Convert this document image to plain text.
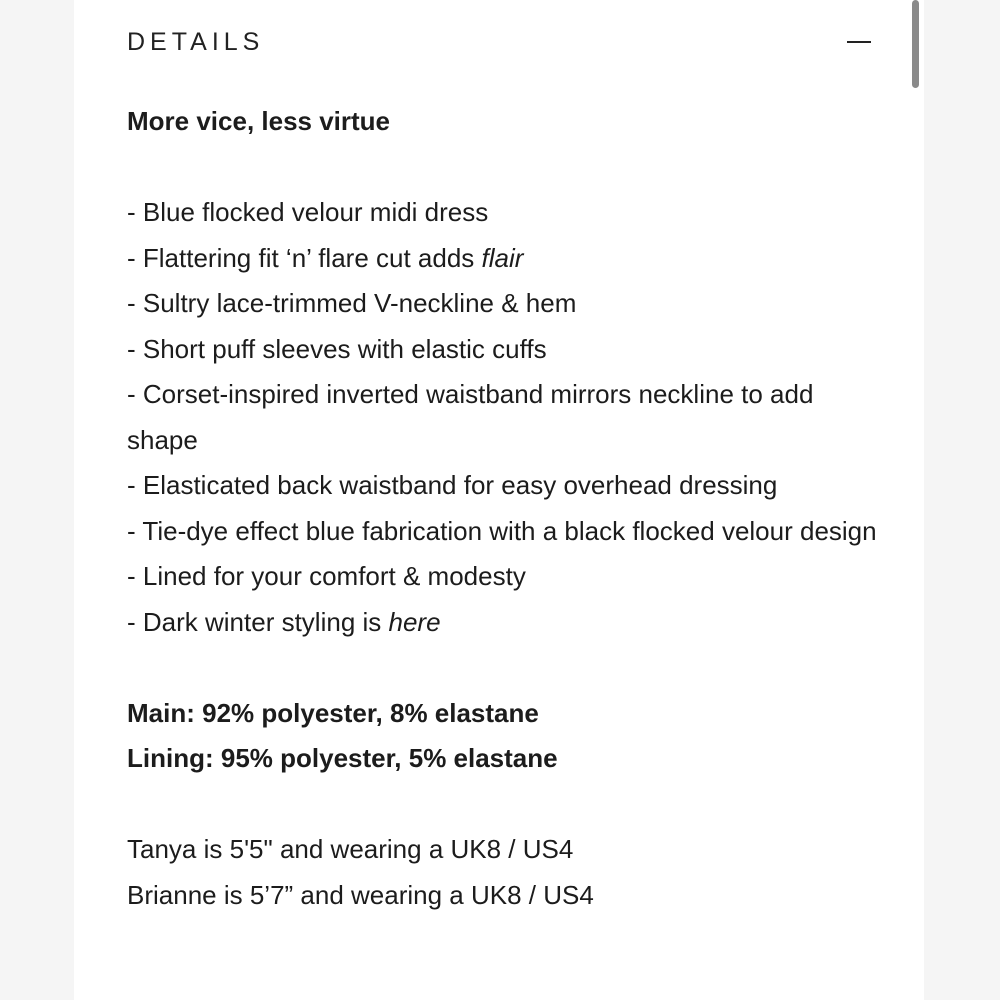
DETAILS

More vice, less virtue

- Blue flocked velour midi dress

- Flattering fit ‘n’ flare cut adds flair

- Sultry lace-trimmed V-neckline & hem

- Short puff sleeves with elastic cuffs

- Corset-inspired inverted waistband mirrors neckline to add shape

- Elasticated back waistband for easy overhead dressing

- Tie-dye effect blue fabrication with a black flocked velour design

- Lined for your comfort & modesty

- Dark winter styling is here

Main: 92% polyester, 8% elastane

Lining: 95% polyester, 5% elastane

Tanya is 5'5" and wearing a UK8 / US4

Brianne is 5’7” and wearing a UK8 / US4
